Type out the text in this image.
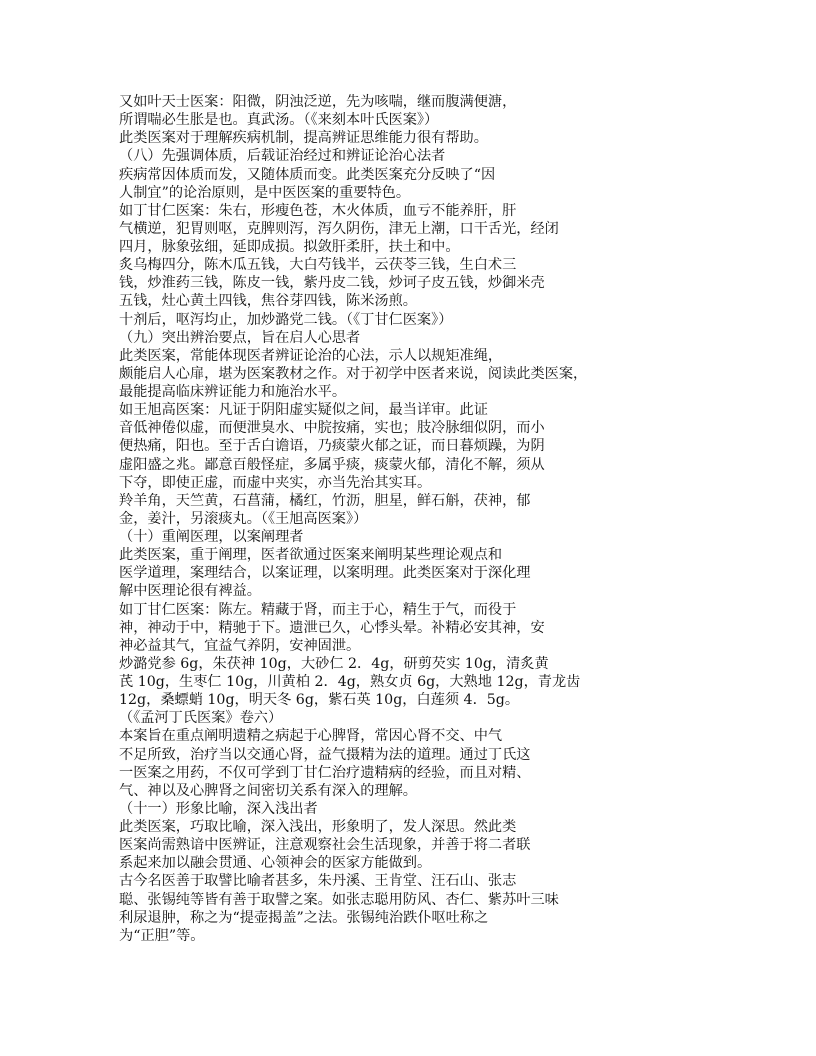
又如叶天士医案：阳微，阴浊泛逆，先为咳喘，继而腹满便溏，
所谓喘必生胀是也。真武汤。（《来刻本叶氏医案》）
此类医案对于理解疾病机制，提高辨证思维能力很有帮助。
（八）先强调体质，后载证治经过和辨证论治心法者
疾病常因体质而发，又随体质而变。此类医案充分反映了“因
人制宜”的论治原则，是中医医案的重要特色。
如丁甘仁医案：朱右，形瘦色苍，木火体质，血亏不能养肝，肝
气横逆，犯胃则呕，克脾则泻，泻久阴伤，津无上潮，口干舌光，经闭
四月，脉象弦细，延即成损。拟敛肝柔肝，扶土和中。
炙乌梅四分，陈木瓜五钱，大白芍钱半，云茯苓三钱，生白术三
钱，炒淮药三钱，陈皮一钱，紫丹皮二钱，炒诃子皮五钱，炒御米壳
五钱，灶心黄土四钱，焦谷芽四钱，陈米汤煎。
十剂后，呕泻均止，加炒潞党二钱。（《丁甘仁医案》）
（九）突出辨治要点，旨在启人心思者
此类医案，常能体现医者辨证论治的心法，示人以规矩准绳，
颇能启人心扉，堪为医案教材之作。对于初学中医者来说，阅读此类医案，
最能提高临床辨证能力和施治水平。
如王旭高医案：凡证于阴阳虚实疑似之间，最当详审。此证
音低神倦似虚，而便泄臭水、中脘按痛，实也；肢冷脉细似阴，而小
便热痛，阳也。至于舌白谵语，乃痰蒙火郁之证，而日暮烦躁，为阴
虚阳盛之兆。鄙意百般怪症，多属乎痰，痰蒙火郁，清化不解，须从
下夺，即使正虚，而虚中夹实，亦当先治其实耳。
羚羊角，天竺黄，石菖蒲，橘红，竹沥，胆星，鲜石斛，茯神，郁
金，姜汁，另滚痰丸。（《王旭高医案》）
（十）重阐医理，以案阐理者
此类医案，重于阐理，医者欲通过医案来阐明某些理论观点和
医学道理，案理结合，以案证理，以案明理。此类医案对于深化理
解中医理论很有裨益。
如丁甘仁医案：陈左。精藏于肾，而主于心，精生于气，而役于
神，神动于中，精驰于下。遗泄已久，心悸头晕。补精必安其神，安
神必益其气，宜益气养阴，安神固泄。
炒潞党参 6g，朱茯神 10g，大砂仁 2．4g，研剪芡实 10g，清炙黄
芪 10g，生枣仁 10g，川黄柏 2．4g，熟女贞 6g，大熟地 12g，青龙齿
12g，桑螵蛸 10g，明天冬 6g，紫石英 10g，白莲须 4．5g。
（《孟河丁氏医案》卷六）
本案旨在重点阐明遗精之病起于心脾肾，常因心肾不交、中气
不足所致，治疗当以交通心肾，益气摄精为法的道理。通过丁氏这
一医案之用药，不仅可学到丁甘仁治疗遗精病的经验，而且对精、
气、神以及心脾肾之间密切关系有深入的理解。
（十一）形象比喻，深入浅出者
此类医案，巧取比喻，深入浅出，形象明了，发人深思。然此类
医案尚需熟谙中医辨证，注意观察社会生活现象，并善于将二者联
系起来加以融会贯通、心领神会的医家方能做到。
古今名医善于取譬比喻者甚多，朱丹溪、王肯堂、汪石山、张志
聪、张锡纯等皆有善于取譬之案。如张志聪用防风、杏仁、紫苏叶三味
利尿退肿，称之为“提壶揭盖”之法。张锡纯治跌仆呕吐称之
为“正胆”等。
